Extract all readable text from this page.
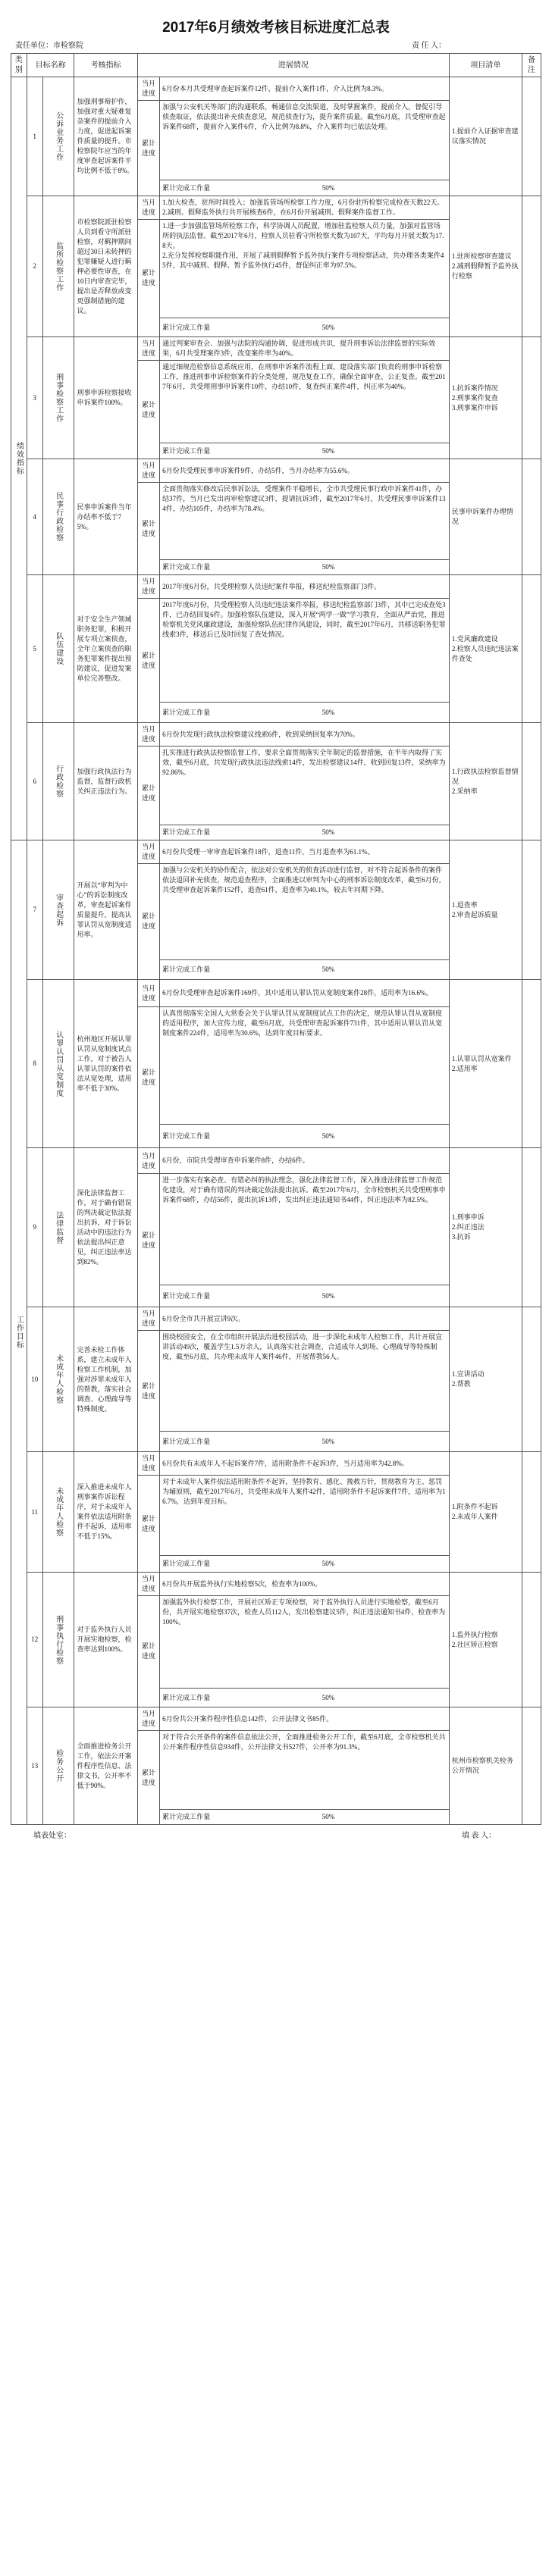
2017年6月绩效考核目标进度汇总表
责任单位：市检察院	责 任 人：
类别	目标名称		考核指标	进展情况		项目清单	备 注

绩效指标	1	公诉业务工作	加强刑事辩护作，加强对重大疑难复杂案件的提前介入力度，促进起诉案件质量的提升。市检察院年应当的年度审查起诉案件平均比例不低于8%。	当月进度	6月份本月共受理审查起诉案件12件，提前介入案件1件，介入比例为8.3%。	1.提前介入证据审查建议落实情况	
				累计进度	加强与公安机关等部门的沟通联系，畅通信息交流渠道，及时掌握案件，提前介入，督促引导侦查取证，依法提出补充侦查意见，规范侦查行为，提升案件质量。截至6月底，共受理审查起诉案件68件，提前介入案件6件，介入比例为8.8%，介入案件均已依法处理。		

					累计完成工作量 50%		
	2	监所检察工作	市检察院派驻检察人员到看守所派驻检察，对羁押期间超过30日未转押的犯罪嫌疑人进行羁押必要性审查，在10日内审查完毕，提出是否释放或变更强制措施的建议。	当月进度	1.加大检查，驻所时间投入；加强监管场所检察工作力度，6月份驻所检察完成检查天数22天。
2.减刑、假释监外执行共开展核查6件，在6月份开展减刑、假释案件监督工作。	1.驻所检察审查建议
2.减刑假释暂予监外执行检察	
				累计进度	1.进一步加强监管场所检察工作，科学协调人员配置，增加驻监检察人员力量，加强对监管场所的执法监督。截至2017年6月，检察人员驻看守所检察天数为107天，平均每月开展天数为17.8天。
2.充分发挥检察职能作用，开展了减刑假释暂予监外执行案件专项检察活动，共办理各类案件45件，其中减刑、假释、暂予监外执行45件，督促纠正率为97.5%。		

					累计完成工作量 50%		
	3	刑事检察工作	刑事申诉检察接收申诉案件100%。	当月进度	通过判案审查会、加强与法院的沟通协调，促进形成共识，提升刑事诉讼法律监督的实际效果，6月共受理案件3件，改变案件率为40%。	1.抗诉案件情况
2.刑事案件复查
3.刑事案件申诉	
				累计进度	通过细规范检察信息系统应用，在刑事申诉案件流程上面，建设落实部门负责的刑事申诉检察工作，推进刑事申诉检察案件的分类处理，规范复查工作，确保全面审查、公正复查。截至2017年6月，共受理刑事申诉案件10件，办结10件，复查纠正案件4件，纠正率为40%。		

					累计完成工作量 50%		
	4	民事行政检察	民事申诉案件当年办结率不低于75%。	当月进度	6月份共受理民事申诉案件9件，办结5件，当月办结率为55.6%。	民事申诉案件办理情况	
				累计进度	全面贯彻落实修改后民事诉讼法，受理案件平稳增长，全市共受理民事行政申诉案件41件，办结37件，当月已发出再审检察建议3件，提请抗诉3件，截至2017年6月，共受理民事申诉案件134件，办结105件，办结率为78.4%。		

					累计完成工作量 50%		
	5	队伍建设	对于安全生产领域职务犯罪，积极开展专项立案侦查，全年立案侦查的职务犯罪案件提出预防建议，促进发案单位完善整改。	当月进度	2017年度6月份，共受理检察人员违纪案件举报，移送纪检监察部门3件。	1.党风廉政建设
2.检察人员违纪违法案件查处	
				累计进度	2017年度6月份，共受理检察人员违纪违法案件举报，移送纪检监察部门3件，其中已完成查处3件，已办结回复6件。加强检察队伍建设，深入开展“两学一做”学习教育，全面从严治党，推进检察机关党风廉政建设，加强检察队伍纪律作风建设，同时，截至2017年6月，共移送职务犯罪线索3件，移送后已及时回复了查处情况。		

					累计完成工作量 50%		
	6	行政检察	加强行政执法行为监督，监督行政机关纠正违法行为。	当月进度	6月份共发现行政执法检察建议线索6件，收到采纳回复率为70%。	1.行政执法检察监督情况
2.采纳率	
				累计进度	扎实推进行政执法检察监督工作，要求全面贯彻落实全年制定的监督措施，在半年内取得了实效，截至6月底，共发现行政执法违法线索14件，发出检察建议14件，收到回复13件，采纳率为92.86%。		

					累计完成工作量 50%		

工作目标	7	审查起诉	开展以“审判为中心”的诉讼制度改革，审查起诉案件质量提升，提高认罪认罚从宽制度适用率。	当月进度	6月份共受理一审审查起诉案件18件，退查11件，当月退查率为61.1%。	1.退查率
2.审查起诉质量	
				累计进度	加强与公安机关的协作配合，依法对公安机关的侦查活动进行监督，对不符合起诉条件的案件依法退回补充侦查，规范退查程序，全面推进以审判为中心的刑事诉讼制度改革，截至6月份，共受理审查起诉案件152件，退查61件，退查率为40.1%，较去年同期下降。		

					累计完成工作量 50%		
	8	认罪认罚从宽制度	杭州地区开展认罪认罚从宽制度试点工作，对于被告人认罪认罚的案件依法从宽处理，适用率不低于30%。	当月进度	6月份共受理审查起诉案件169件，其中适用认罪认罚从宽制度案件28件，适用率为16.6%。	1.认罪认罚从宽案件
2.适用率	
				累计进度	认真贯彻落实全国人大常委会关于认罪认罚从宽制度试点工作的决定，规范认罪认罚从宽制度的适用程序，加大宣传力度，截至6月底，共受理审查起诉案件731件，其中适用认罪认罚从宽制度案件224件，适用率为30.6%，达到年度目标要求。		

					累计完成工作量 50%		
	9	法律监督	深化法律监督工作，对于确有错误的判决裁定依法提出抗诉，对于诉讼活动中的违法行为依法提出纠正意见，纠正违法率达到82%。	当月进度	6月份，市院共受理审查申诉案件8件，办结6件。	1.刑事申诉
2.纠正违法
3.抗诉	
				累计进度	进一步落实有案必查、有错必纠的执法理念，强化法律监督工作，深入推进法律监督工作规范化建设，对于确有错误的判决裁定依法提出抗诉。截至2017年6月，全市检察机关共受理刑事申诉案件68件，办结56件，提出抗诉13件，发出纠正违法通知书44件，纠正违法率为82.5%。		

					累计完成工作量 50%		
	10	未成年人检察	完善未检工作体系，建立未成年人检察工作机制，加强对涉罪未成年人的帮教，落实社会调查、心理疏导等特殊制度。	当月进度	6月份全市共开展宣讲9次。	1.宣讲活动
2.帮教	
				累计进度	围绕校园安全，在全市组织开展法治进校园活动，进一步深化未成年人检察工作，共计开展宣讲活动49次，覆盖学生1.5万余人，认真落实社会调查、合适成年人到场、心理疏导等特殊制度，截至6月底，共办理未成年人案件46件，开展帮教56人。		

					累计完成工作量 50%		
	11	未成年人检察	深入推进未成年人刑事案件诉讼程序，对于未成年人案件依法适用附条件不起诉，适用率不低于15%。	当月进度	6月份共有未成年人不起诉案件7件，适用附条件不起诉3件，当月适用率为42.8%。	1.附条件不起诉
2.未成年人案件	
				累计进度	对于未成年人案件依法适用附条件不起诉，坚持教育、感化、挽救方针，贯彻教育为主、惩罚为辅原则，截至2017年6月，共受理未成年人案件42件，适用附条件不起诉案件7件，适用率为16.7%，达到年度目标。		

					累计完成工作量 50%		
	12	刑事执行检察	对于监外执行人员开展实地检察，检查率达到100%。	当月进度	6月份共开展监外执行实地检察5次，检查率为100%。	1.监外执行检察
2.社区矫正检察	
				累计进度	加强监外执行检察工作，开展社区矫正专项检察，对于监外执行人员进行实地检察，截至6月份，共开展实地检察37次，检查人员112人，发出检察建议5件，纠正违法通知书4件，检查率为100%。		

					累计完成工作量 50%		
	13	检务公开	全面推进检务公开工作，依法公开案件程序性信息、法律文书，公开率不低于90%。	当月进度	6月份共公开案件程序性信息142件，公开法律文书85件。	杭州市检察机关检务公开情况	
				累计进度	对于符合公开条件的案件信息依法公开，全面推进检务公开工作，截至6月底，全市检察机关共公开案件程序性信息934件，公开法律文书527件，公开率为91.3%。		

					累计完成工作量 50%		
填表处室：	填 表 人：
